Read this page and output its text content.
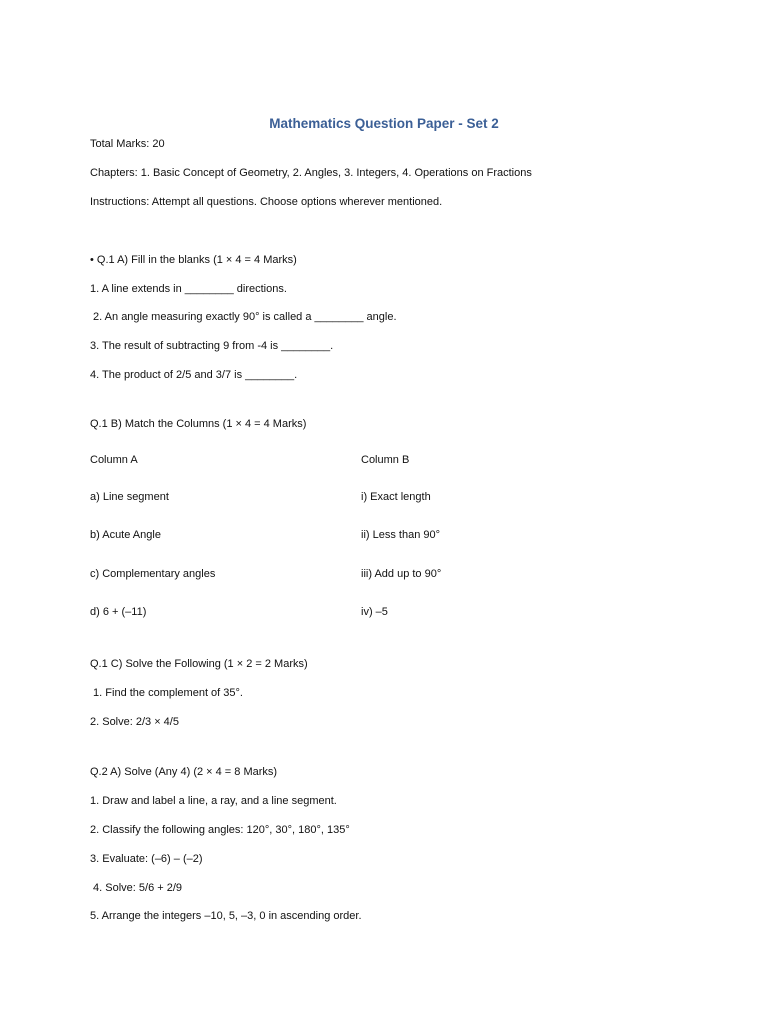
Mathematics Question Paper - Set 2
Total Marks: 20
Chapters: 1. Basic Concept of Geometry, 2. Angles, 3. Integers, 4. Operations on Fractions
Instructions: Attempt all questions. Choose options wherever mentioned.
• Q.1 A) Fill in the blanks (1 × 4 = 4 Marks)
1. A line extends in ________ directions.
2. An angle measuring exactly 90° is called a ________ angle.
3. The result of subtracting 9 from -4 is ________.
4. The product of 2/5 and 3/7 is ________.
Q.1 B) Match the Columns (1 × 4 = 4 Marks)
Column A	Column B
a) Line segment	i) Exact length
b) Acute Angle	ii) Less than 90°
c) Complementary angles	iii) Add up to 90°
d) 6 + (–11)	iv) –5
Q.1 C) Solve the Following (1 × 2 = 2 Marks)
1. Find the complement of 35°.
2. Solve: 2/3 × 4/5
Q.2 A) Solve (Any 4) (2 × 4 = 8 Marks)
1. Draw and label a line, a ray, and a line segment.
2. Classify the following angles: 120°, 30°, 180°, 135°
3. Evaluate: (–6) – (–2)
4. Solve: 5/6 + 2/9
5. Arrange the integers –10, 5, –3, 0 in ascending order.
